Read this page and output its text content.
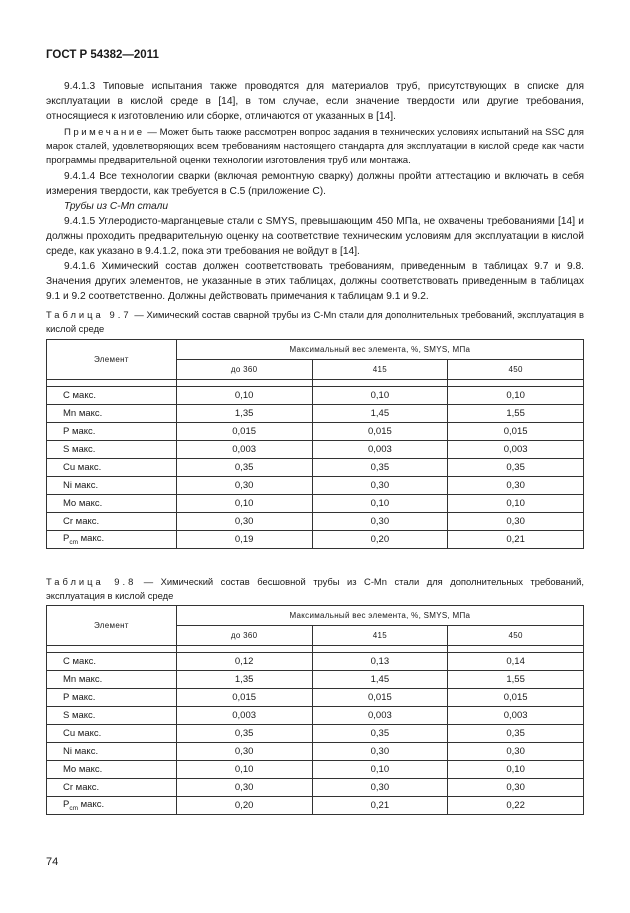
ГОСТ Р 54382—2011

9.4.1.3 Типовые испытания также проводятся для материалов труб, присутствующих в списке для эксплуатации в кислой среде в [14], в том случае, если значение твердости или другие требования, относящиеся к изготовлению или сборке, отличаются от указанных в [14].

Примечание — Может быть также рассмотрен вопрос задания в технических условиях испытаний на SSC для марок сталей, удовлетворяющих всем требованиям настоящего стандарта для эксплуатации в кислой среде как части программы предварительной оценки технологии изготовления труб или монтажа.

9.4.1.4 Все технологии сварки (включая ремонтную сварку) должны пройти аттестацию и включать в себя измерения твердости, как требуется в С.5 (приложение С).

Трубы из С-Mn стали

9.4.1.5 Углеродисто-марганцевые стали с SMYS, превышающим 450 МПа, не охвачены требованиями [14] и должны проходить предварительную оценку на соответствие техническим условиям для эксплуатации в кислой среде, как указано в 9.4.1.2, пока эти требования не войдут в [14].

9.4.1.6 Химический состав должен соответствовать требованиям, приведенным в таблицах 9.7 и 9.8. Значения других элементов, не указанные в этих таблицах, должны соответствовать приведенным в таблицах 9.1 и 9.2 соответственно. Должны действовать примечания к таблицам 9.1 и 9.2.

Таблица 9.7 — Химический состав сварной трубы из С-Mn стали для дополнительных требований, эксплуатация в кислой среде
Элемент	Максимальный вес элемента, %, SMYS, МПа		
	до 360	415	450

С макс.	0,10	0,10	0,10
Mn макс.	1,35	1,45	1,55
Р макс.	0,015	0,015	0,015
S макс.	0,003	0,003	0,003
Cu макс.	0,35	0,35	0,35
Ni макс.	0,30	0,30	0,30
Mo макс.	0,10	0,10	0,10
Cr макс.	0,30	0,30	0,30
$P_{cm}$ макс.	0,19	0,20	0,21
Таблица 9.8 — Химический состав бесшовной трубы из С-Mn стали для дополнительных требований, эксплуатация в кислой среде
Элемент	Максимальный вес элемента, %, SMYS, МПа		
	до 360	415	450

С макс.	0,12	0,13	0,14
Mn макс.	1,35	1,45	1,55
Р макс.	0,015	0,015	0,015
S макс.	0,003	0,003	0,003
Cu макс.	0,35	0,35	0,35
Ni макс.	0,30	0,30	0,30
Mo макс.	0,10	0,10	0,10
Cr макс.	0,30	0,30	0,30
$P_{cm}$ макс.	0,20	0,21	0,22
74
